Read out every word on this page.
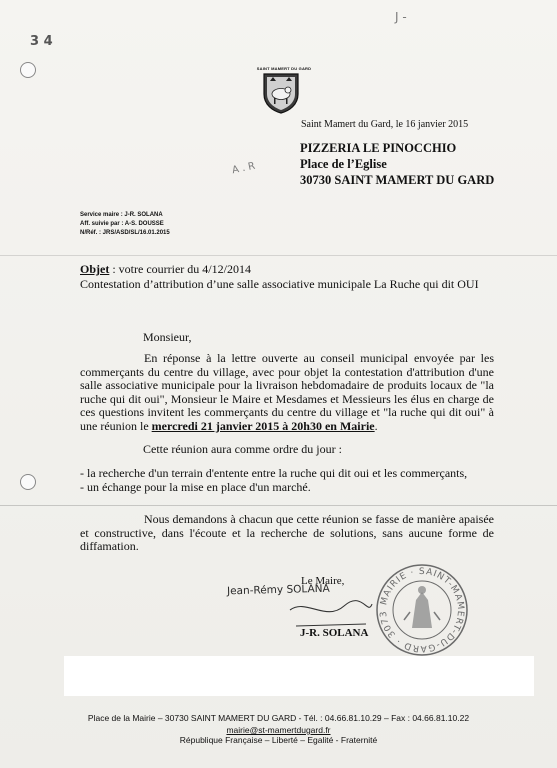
3 4
J -
A . R
SAINT MAMERT DU GARD
Saint Mamert du Gard, le 16 janvier 2015
PIZZERIA LE PINOCCHIO
Place de l’Eglise
30730 SAINT MAMERT DU GARD
Service maire : J-R. SOLANA
Aff. suivie par : A-S. DOUSSE
N/Réf. : JRS/ASD/SL/16.01.2015
Objet : votre courrier du 4/12/2014
Contestation d’attribution d’une salle associative municipale La Ruche qui dit OUI
Monsieur,
En réponse à la lettre ouverte au conseil municipal envoyée par les commerçants du centre du village, avec pour objet la contestation d'attribution d'une salle associative municipale pour la livraison hebdomadaire de produits locaux de "la ruche qui dit oui", Monsieur le Maire et Mesdames et Messieurs les élus en charge de ces questions invitent les commerçants du centre du village et "la ruche qui dit oui" à une réunion le mercredi 21 janvier 2015 à 20h30 en Mairie.
Cette réunion aura comme ordre du jour :
- la recherche d'un terrain d'entente entre la ruche qui dit oui et les commerçants,
- un échange pour la mise en place d'un marché.
Nous demandons à chacun que cette réunion se fasse de manière apaisée et constructive, dans l'écoute et la recherche de solutions, sans aucune forme de diffamation.
Le Maire,
Jean-Rémy SOLANA
J-R. SOLANA
MAIRIE · SAINT-MAMERT-DU-GARD · 3073
Place de la Mairie – 30730 SAINT MAMERT DU GARD - Tél. : 04.66.81.10.29 – Fax : 04.66.81.10.22
mairie@st-mamertdugard.fr
République Française – Liberté – Egalité - Fraternité
